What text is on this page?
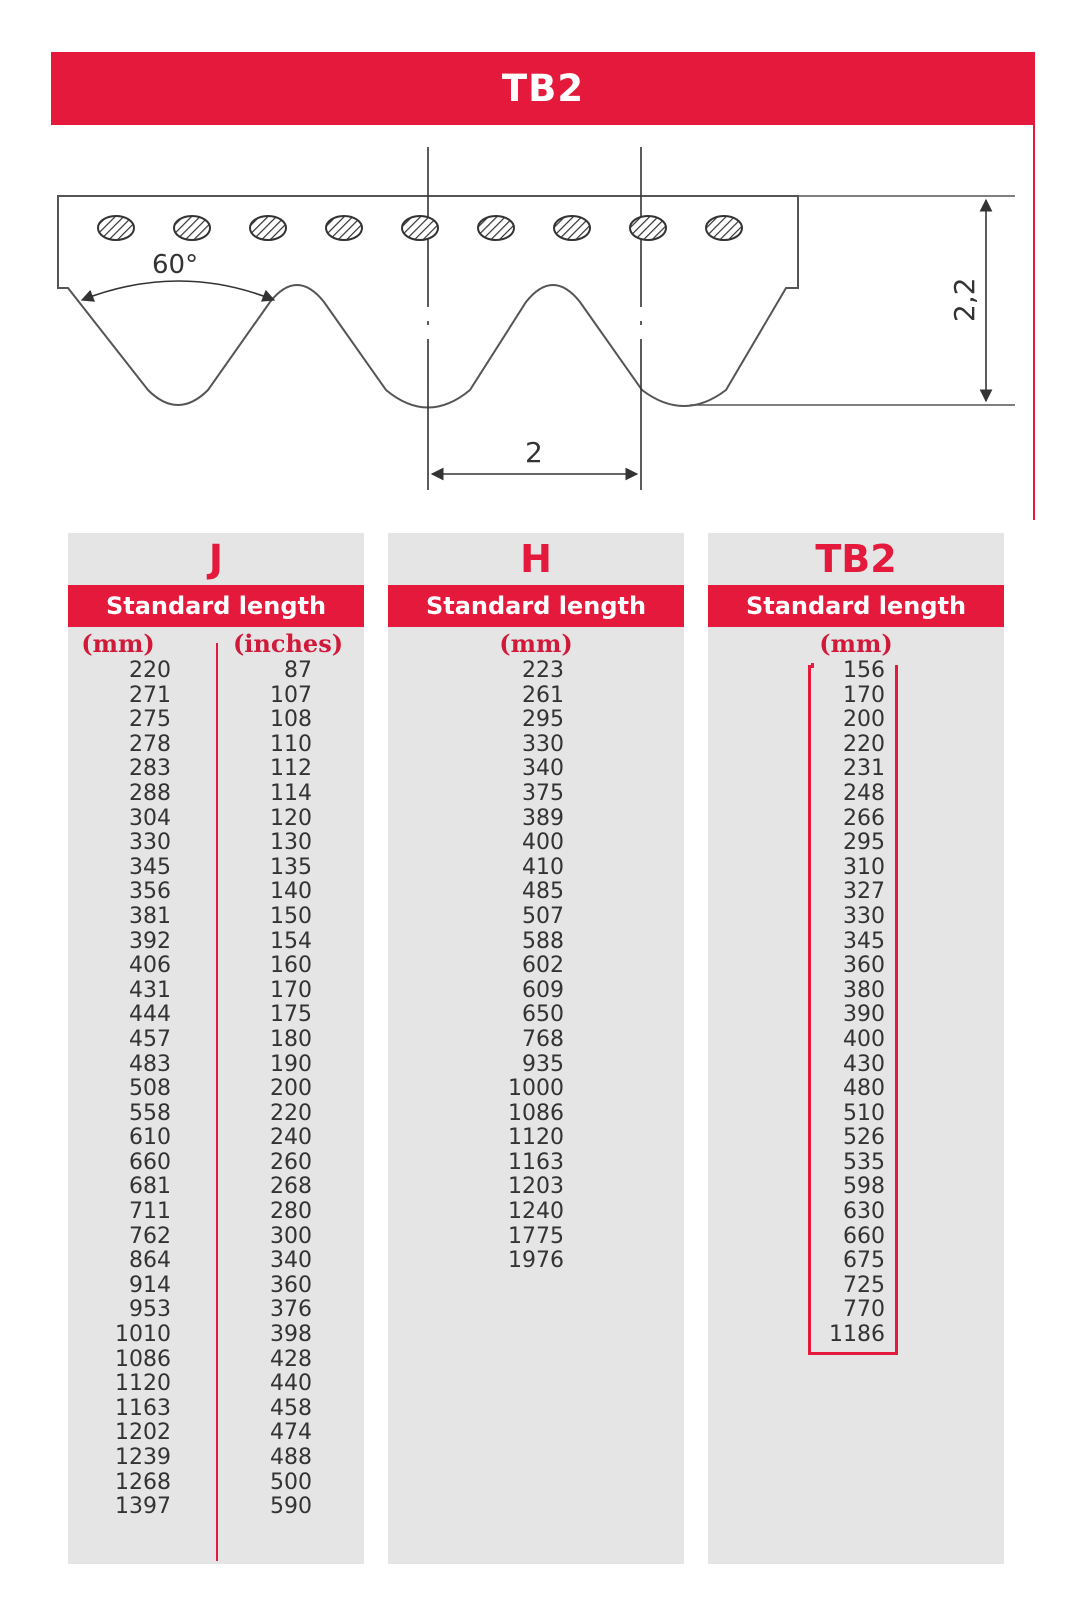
TB2
60°
2
2,2
J
Standard length
(mm)	(inches)
220
271
275
278
283
288
304
330
345
356
381
392
406
431
444
457
483
508
558
610
660
681
711
762
864
914
953
1010
1086
1120
1163
1202
1239
1268
1397
87
107
108
110
112
114
120
130
135
140
150
154
160
170
175
180
190
200
220
240
260
268
280
300
340
360
376
398
428
440
458
474
488
500
590
H
Standard length
(mm)
223
261
295
330
340
375
389
400
410
485
507
588
602
609
650
768
935
1000
1086
1120
1163
1203
1240
1775
1976
TB2
Standard length
(mm)
156
170
200
220
231
248
266
295
310
327
330
345
360
380
390
400
430
480
510
526
535
598
630
660
675
725
770
1186
